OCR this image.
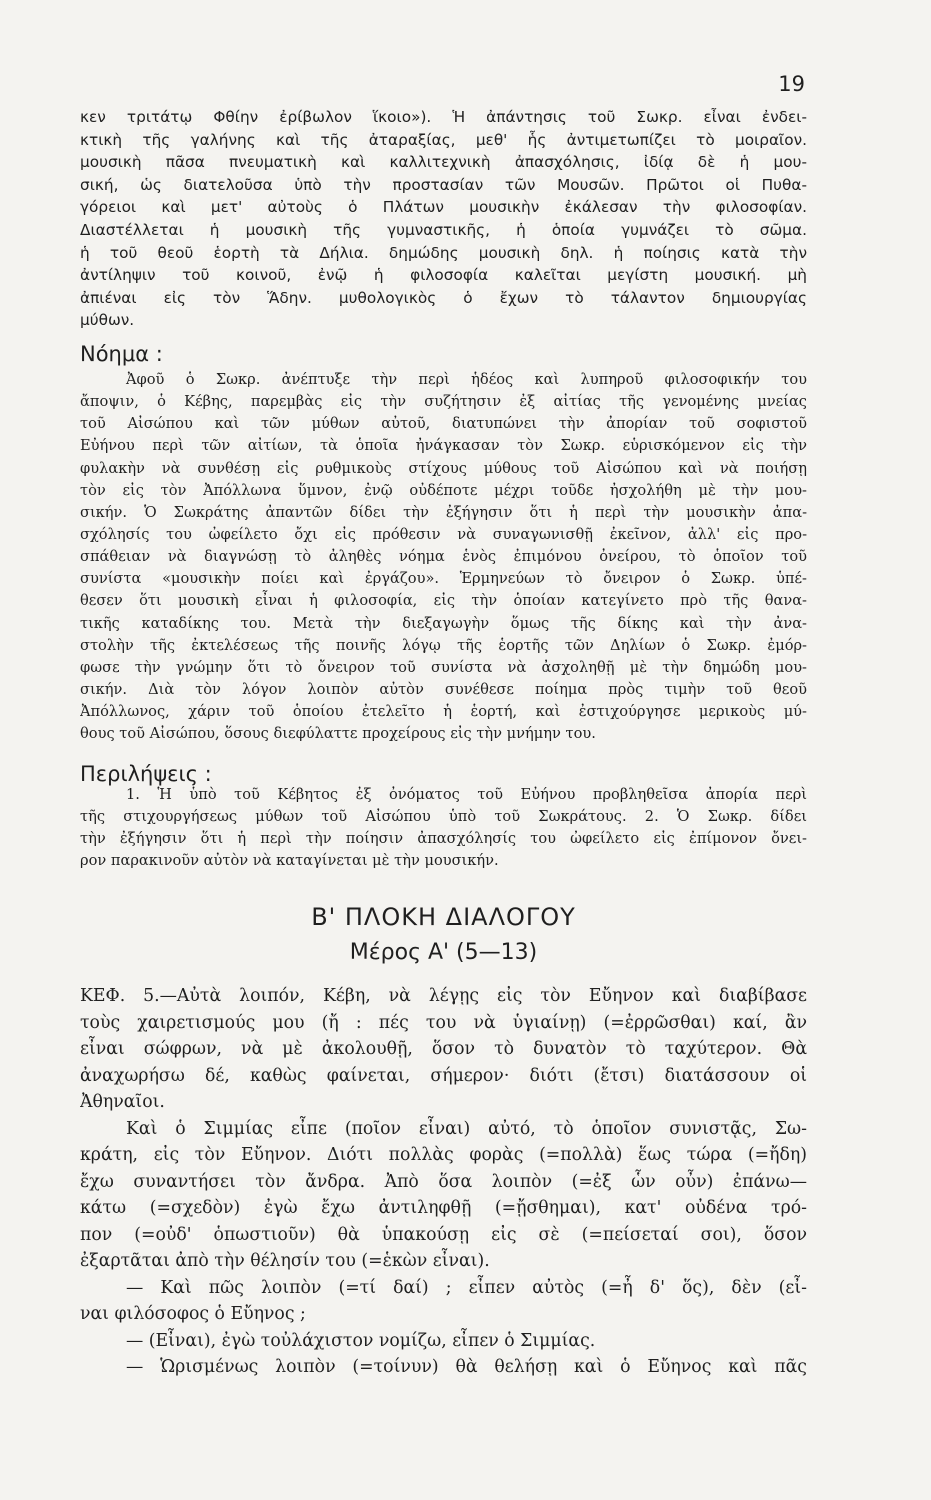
19
κεν τριτάτῳ Φθίην ἐρίβωλον ἵκοιο»). Ἡ ἀπάντησις τοῦ Σωκρ. εἶναι ἐνδει-
κτικὴ τῆς γαλήνης καὶ τῆς ἀταραξίας, μεθ' ἧς ἀντιμετωπίζει τὸ μοιραῖον.
μουσικὴ πᾶσα πνευματικὴ καὶ καλλιτεχνικὴ ἀπασχόλησις, ἰδίᾳ δὲ ἡ μου-
σική, ὡς διατελοῦσα ὑπὸ τὴν προστασίαν τῶν Μουσῶν. Πρῶτοι οἱ Πυθα-
γόρειοι καὶ μετ' αὐτοὺς ὁ Πλάτων μουσικὴν ἐκάλεσαν τὴν φιλοσοφίαν.
Διαστέλλεται ἡ μουσικὴ τῆς γυμναστικῆς, ἡ ὁποία γυμνάζει τὸ σῶμα.
ἡ τοῦ θεοῦ ἑορτὴ τὰ Δήλια. δημώδης μουσικὴ δηλ. ἡ ποίησις κατὰ τὴν
ἀντίληψιν τοῦ κοινοῦ, ἐνῷ ἡ φιλοσοφία καλεῖται μεγίστη μουσική. μὴ
ἀπιέναι εἰς τὸν Ἅδην. μυθολογικὸς ὁ ἔχων τὸ τάλαντον δημιουργίας
μύθων.
Νόημα :
Ἀφοῦ ὁ Σωκρ. ἀνέπτυξε τὴν περὶ ἡδέος καὶ λυπηροῦ φιλοσοφικήν του
ἄποψιν, ὁ Κέβης, παρεμβὰς εἰς τὴν συζήτησιν ἐξ αἰτίας τῆς γενομένης μνείας
τοῦ Αἰσώπου καὶ τῶν μύθων αὐτοῦ, διατυπώνει τὴν ἀπορίαν τοῦ σοφιστοῦ
Εὐήνου περὶ τῶν αἰτίων, τὰ ὁποῖα ἠνάγκασαν τὸν Σωκρ. εὑρισκόμενον εἰς τὴν
φυλακὴν νὰ συνθέσῃ εἰς ρυθμικοὺς στίχους μύθους τοῦ Αἰσώπου καὶ νὰ ποιήσῃ
τὸν εἰς τὸν Ἀπόλλωνα ὕμνον, ἐνῷ οὐδέποτε μέχρι τοῦδε ἠσχολήθη μὲ τὴν μου-
σικήν. Ὁ Σωκράτης ἀπαντῶν δίδει τὴν ἐξήγησιν ὅτι ἡ περὶ τὴν μουσικὴν ἀπα-
σχόλησίς του ὠφείλετο ὄχι εἰς πρόθεσιν νὰ συναγωνισθῇ ἐκεῖνον, ἀλλ' εἰς προ-
σπάθειαν νὰ διαγνώσῃ τὸ ἀληθὲς νόημα ἑνὸς ἐπιμόνου ὀνείρου, τὸ ὁποῖον τοῦ
συνίστα «μουσικὴν ποίει καὶ ἐργάζου». Ἑρμηνεύων τὸ ὄνειρον ὁ Σωκρ. ὑπέ-
θεσεν ὅτι μουσικὴ εἶναι ἡ φιλοσοφία, εἰς τὴν ὁποίαν κατεγίνετο πρὸ τῆς θανα-
τικῆς καταδίκης του. Μετὰ τὴν διεξαγωγὴν ὅμως τῆς δίκης καὶ τὴν ἀνα-
στολὴν τῆς ἐκτελέσεως τῆς ποινῆς λόγῳ τῆς ἑορτῆς τῶν Δηλίων ὁ Σωκρ. ἐμόρ-
φωσε τὴν γνώμην ὅτι τὸ ὄνειρον τοῦ συνίστα νὰ ἀσχοληθῇ μὲ τὴν δημώδη μου-
σικήν. Διὰ τὸν λόγον λοιπὸν αὐτὸν συνέθεσε ποίημα πρὸς τιμὴν τοῦ θεοῦ
Ἀπόλλωνος, χάριν τοῦ ὁποίου ἐτελεῖτο ἡ ἑορτή, καὶ ἐστιχούργησε μερικοὺς μύ-
θους τοῦ Αἰσώπου, ὅσους διεφύλαττε προχείρους εἰς τὴν μνήμην του.
Περιλήψεις :
1. Ἡ ὑπὸ τοῦ Κέβητος ἐξ ὀνόματος τοῦ Εὐήνου προβληθεῖσα ἀπορία περὶ
τῆς στιχουργήσεως μύθων τοῦ Αἰσώπου ὑπὸ τοῦ Σωκράτους. 2. Ὁ Σωκρ. δίδει
τὴν ἐξήγησιν ὅτι ἡ περὶ τὴν ποίησιν ἀπασχόλησίς του ὠφείλετο εἰς ἐπίμονον ὄνει-
ρον παρακινοῦν αὐτὸν νὰ καταγίνεται μὲ τὴν μουσικήν.
Β' ΠΛΟΚΗ ΔΙΑΛΟΓΟΥ
Μέρος Α' (5—13)
ΚΕΦ. 5.—Αὐτὰ λοιπόν, Κέβη, νὰ λέγῃς εἰς τὸν Εὔηνον καὶ διαβίβασε
τοὺς χαιρετισμούς μου (ἤ : πές του νὰ ὑγιαίνῃ) (=ἐρρῶσθαι) καί, ἂν
εἶναι σώφρων, νὰ μὲ ἀκολουθῇ, ὅσον τὸ δυνατὸν τὸ ταχύτερον. Θὰ
ἀναχωρήσω δέ, καθὼς φαίνεται, σήμερον· διότι (ἔτσι) διατάσσουν οἱ
Ἀθηναῖοι.
Καὶ ὁ Σιμμίας εἶπε (ποῖον εἶναι) αὐτό, τὸ ὁποῖον συνιστᾷς, Σω-
κράτη, εἰς τὸν Εὔηνον. Διότι πολλὰς φορὰς (=πολλὰ) ἕως τώρα (=ἤδη)
ἔχω συναντήσει τὸν ἄνδρα. Ἀπὸ ὅσα λοιπὸν (=ἐξ ὧν οὖν) ἐπάνω—
κάτω (=σχεδὸν) ἐγὼ ἔχω ἀντιληφθῇ (=ᾔσθημαι), κατ' οὐδένα τρό-
πον (=οὐδ' ὁπωστιοῦν) θὰ ὑπακούσῃ εἰς σὲ (=πείσεταί σοι), ὅσον
ἐξαρτᾶται ἀπὸ τὴν θέλησίν του (=ἑκὼν εἶναι).
— Καὶ πῶς λοιπὸν (=τί δαί) ; εἶπεν αὐτὸς (=ἦ δ' ὅς), δὲν (εἶ-
ναι φιλόσοφος ὁ Εὔηνος ;
— (Εἶναι), ἐγὼ τοὐλάχιστον νομίζω, εἶπεν ὁ Σιμμίας.
— Ὡρισμένως λοιπὸν (=τοίνυν) θὰ θελήσῃ καὶ ὁ Εὔηνος καὶ πᾶς
